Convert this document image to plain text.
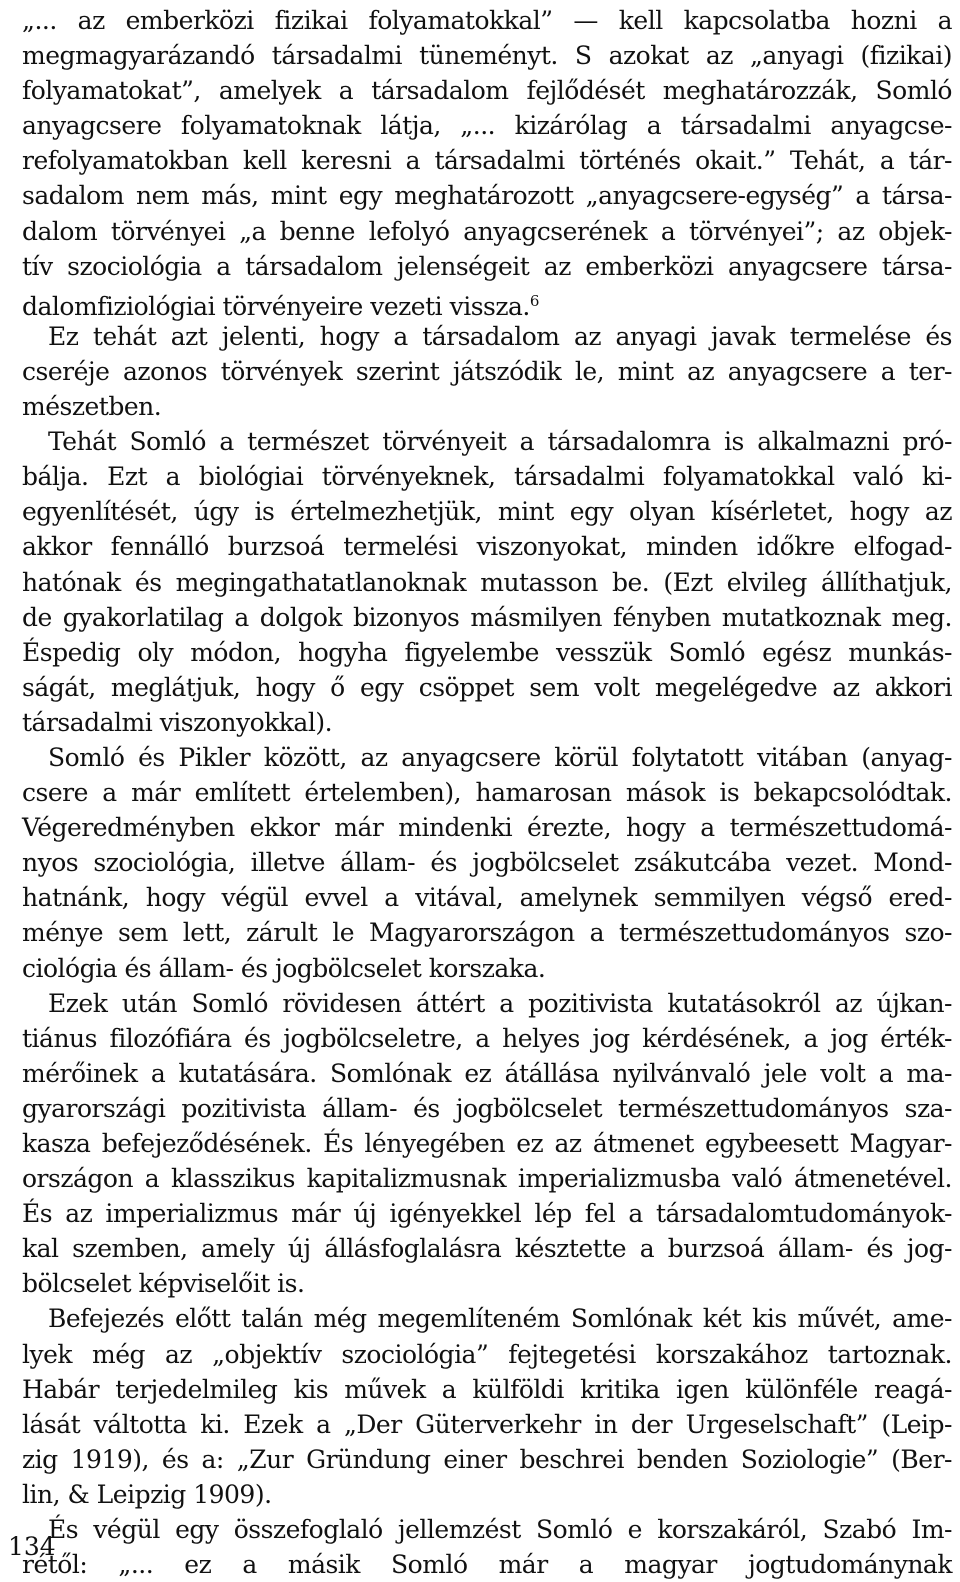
„... az emberközi fizikai folyamatokkal” — kell kapcsolatba hozni a
megmagyarázandó társadalmi tüneményt. S azokat az „anyagi (fizikai)
folyamatokat”, amelyek a társadalom fejlődését meghatározzák, Somló
anyagcsere folyamatoknak látja, „... kizárólag a társadalmi anyagcse-
refolyamatokban kell keresni a társadalmi történés okait.” Tehát, a tár-
sadalom nem más, mint egy meghatározott „anyagcsere-egység” a társa-
dalom törvényei „a benne lefolyó anyagcserének a törvényei”; az objek-
tív szociológia a társadalom jelenségeit az emberközi anyagcsere társa-
dalomfiziológiai törvényeire vezeti vissza.$^6$
Ez tehát azt jelenti, hogy a társadalom az anyagi javak termelése és
cseréje azonos törvények szerint játszódik le, mint az anyagcsere a ter-
mészetben.
Tehát Somló a természet törvényeit a társadalomra is alkalmazni pró-
bálja. Ezt a biológiai törvényeknek, társadalmi folyamatokkal való ki-
egyenlítését, úgy is értelmezhetjük, mint egy olyan kísérletet, hogy az
akkor fennálló burzsoá termelési viszonyokat, minden időkre elfogad-
hatónak és megingathatatlanoknak mutasson be. (Ezt elvileg állíthatjuk,
de gyakorlatilag a dolgok bizonyos másmilyen fényben mutatkoznak meg.
Éspedig oly módon, hogyha figyelembe vesszük Somló egész munkás-
ságát, meglátjuk, hogy ő egy csöppet sem volt megelégedve az akkori
társadalmi viszonyokkal).
Somló és Pikler között, az anyagcsere körül folytatott vitában (anyag-
csere a már említett értelemben), hamarosan mások is bekapcsolódtak.
Végeredményben ekkor már mindenki érezte, hogy a természettudomá-
nyos szociológia, illetve állam- és jogbölcselet zsákutcába vezet. Mond-
hatnánk, hogy végül evvel a vitával, amelynek semmilyen végső ered-
ménye sem lett, zárult le Magyarországon a természettudományos szo-
ciológia és állam- és jogbölcselet korszaka.
Ezek után Somló rövidesen áttért a pozitivista kutatásokról az újkan-
tiánus filozófiára és jogbölcseletre, a helyes jog kérdésének, a jog érték-
mérőinek a kutatására. Somlónak ez átállása nyilvánvaló jele volt a ma-
gyarországi pozitivista állam- és jogbölcselet természettudományos sza-
kasza befejeződésének. És lényegében ez az átmenet egybeesett Magyar-
országon a klasszikus kapitalizmusnak imperializmusba való átmenetével.
És az imperializmus már új igényekkel lép fel a társadalomtudományok-
kal szemben, amely új állásfoglalásra késztette a burzsoá állam- és jog-
bölcselet képviselőit is.
Befejezés előtt talán még megemlíteném Somlónak két kis művét, ame-
lyek még az „objektív szociológia” fejtegetési korszakához tartoznak.
Habár terjedelmileg kis művek a külföldi kritika igen különféle reagá-
lását váltotta ki. Ezek a „Der Güterverkehr in der Urgeselschaft” (Leip-
zig 1919), és a: „Zur Gründung einer beschrei benden Soziologie” (Ber-
lin, & Leipzig 1909).
És végül egy összefoglaló jellemzést Somló e korszakáról, Szabó Im-
rétől: „... ez a másik Somló már a magyar jogtudománynak
134
